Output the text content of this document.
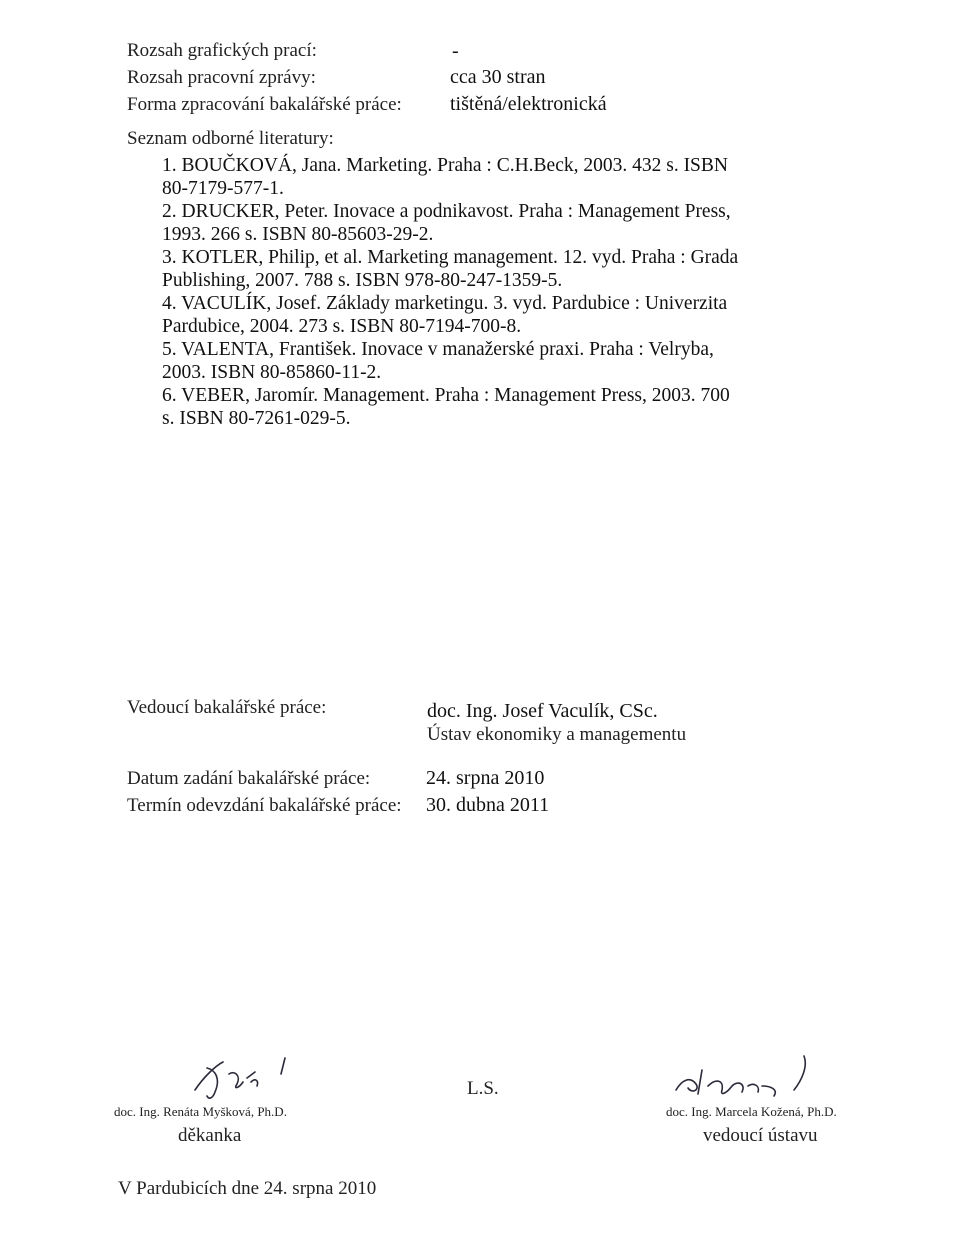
Rozsah grafických prací:	-
Rozsah pracovní zprávy:	cca 30 stran
Forma zpracování bakalářské práce: tištěná/elektronická
Seznam odborné literatury:
1. BOUČKOVÁ, Jana. Marketing. Praha : C.H.Beck, 2003. 432 s. ISBN
80-7179-577-1.
2. DRUCKER, Peter. Inovace a podnikavost. Praha : Management Press,
1993. 266 s. ISBN 80-85603-29-2.
3. KOTLER, Philip, et al. Marketing management. 12. vyd. Praha : Grada
Publishing, 2007. 788 s. ISBN 978-80-247-1359-5.
4. VACULÍK, Josef. Základy marketingu. 3. vyd. Pardubice : Univerzita
Pardubice, 2004. 273 s. ISBN 80-7194-700-8.
5. VALENTA, František. Inovace v manažerské praxi. Praha : Velryba,
2003. ISBN 80-85860-11-2.
6. VEBER, Jaromír. Management. Praha : Management Press, 2003. 700
s. ISBN 80-7261-029-5.
Vedoucí bakalářské práce:	doc. Ing. Josef Vaculík, CSc.
Ústav ekonomiky a managementu
Datum zadání bakalářské práce:	24. srpna 2010
Termín odevzdání bakalářské práce: 30. dubna 2011
doc. Ing. Renáta Myšková, Ph.D.
děkanka
L.S.
doc. Ing. Marcela Kožená, Ph.D.
vedoucí ústavu
V Pardubicích dne 24. srpna 2010
